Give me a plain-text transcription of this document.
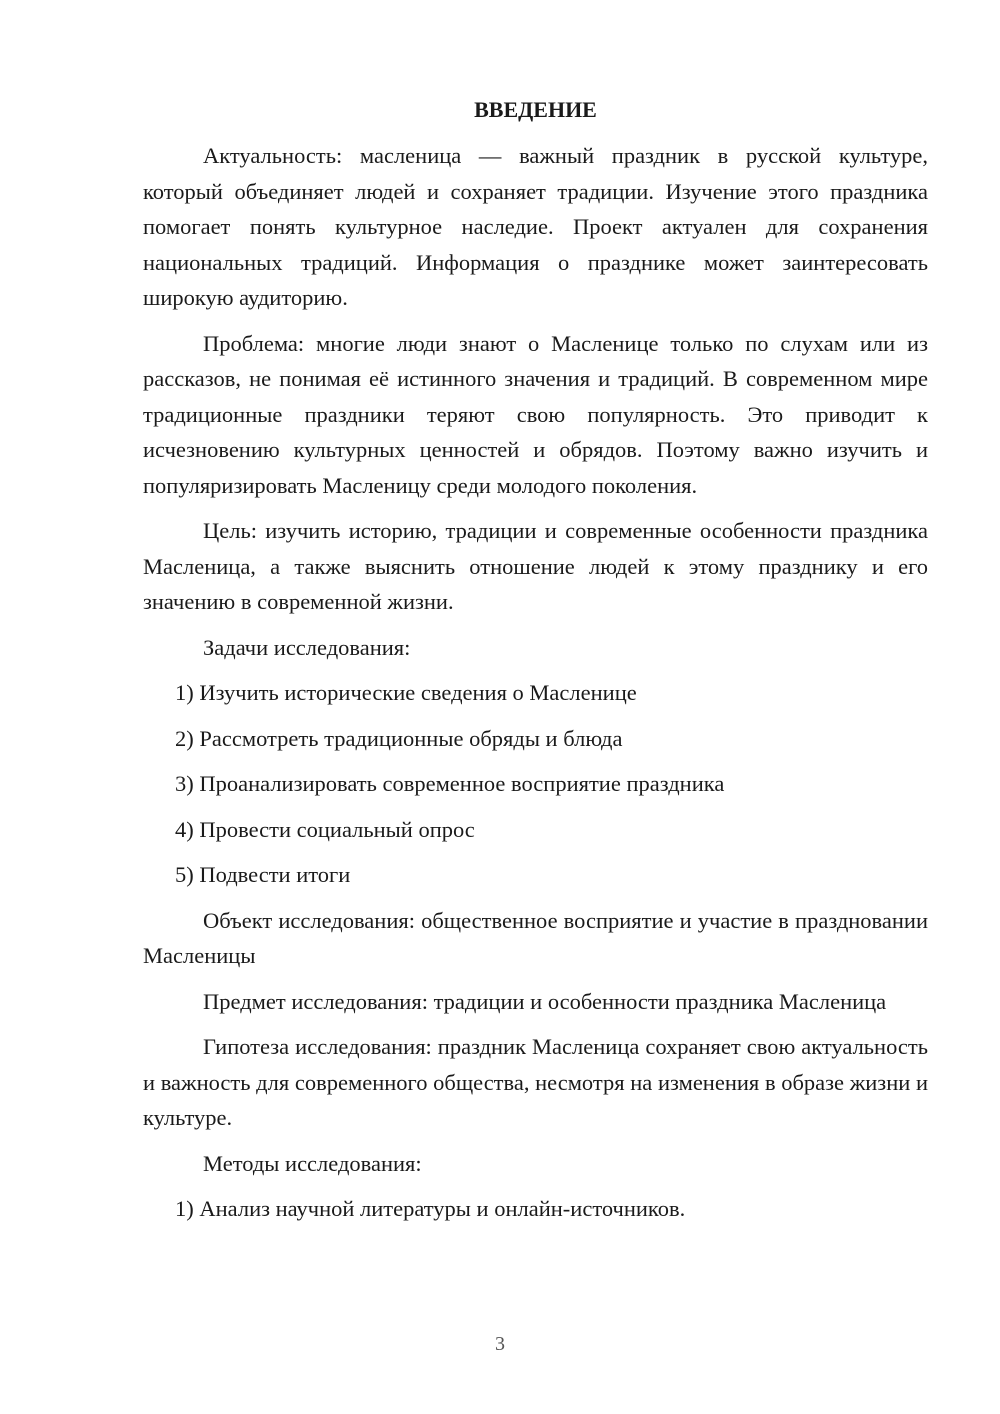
ВВЕДЕНИЕ

Актуальность: масленица — важный праздник в русской культуре, который объединяет людей и сохраняет традиции. Изучение этого праздника помогает понять культурное наследие. Проект актуален для сохранения национальных традиций. Информация о празднике может заинтересовать широкую аудиторию.

Проблема: многие люди знают о Масленице только по слухам или из рассказов, не понимая её истинного значения и традиций. В современном мире традиционные праздники теряют свою популярность. Это приводит к исчезновению культурных ценностей и обрядов. Поэтому важно изучить и популяризировать Масленицу среди молодого поколения.

Цель: изучить историю, традиции и современные особенности праздника Масленица, а также выяснить отношение людей к этому празднику и его значению в современной жизни.

Задачи исследования:
1) Изучить исторические сведения о Масленице
2) Рассмотреть традиционные обряды и блюда
3) Проанализировать современное восприятие праздника
4) Провести социальный опрос
5) Подвести итоги

Объект исследования: общественное восприятие и участие в праздновании Масленицы

Предмет исследования: традиции и особенности праздника Масленица

Гипотеза исследования: праздник Масленица сохраняет свою актуальность и важность для современного общества, несмотря на изменения в образе жизни и культуре.

Методы исследования:
1) Анализ научной литературы и онлайн-источников.
3
